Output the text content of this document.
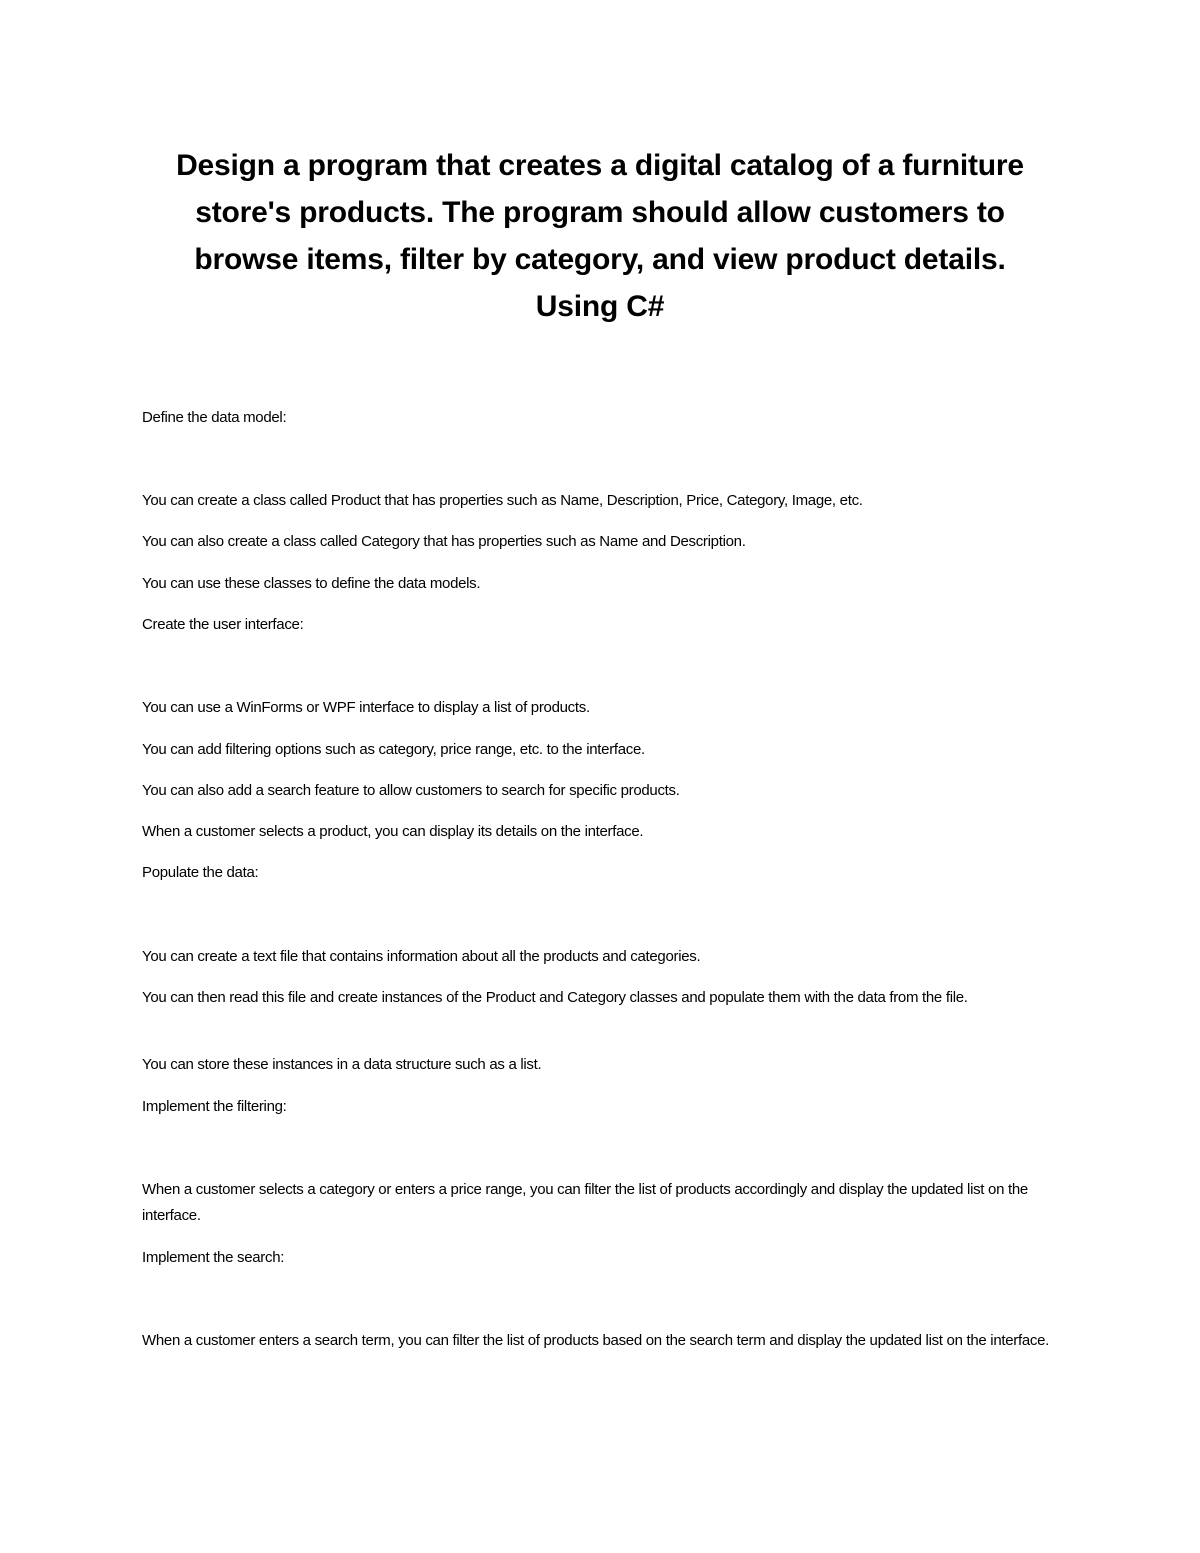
Design a program that creates a digital catalog of a furniture
store's products. The program should allow customers to
browse items, filter by category, and view product details.
Using C#

Define the data model:

You can create a class called Product that has properties such as Name, Description, Price, Category, Image, etc.

You can also create a class called Category that has properties such as Name and Description.

You can use these classes to define the data models.

Create the user interface:

You can use a WinForms or WPF interface to display a list of products.

You can add filtering options such as category, price range, etc. to the interface.

You can also add a search feature to allow customers to search for specific products.

When a customer selects a product, you can display its details on the interface.

Populate the data:

You can create a text file that contains information about all the products and categories.

You can then read this file and create instances of the Product and Category classes and populate them with the data from the file.

You can store these instances in a data structure such as a list.

Implement the filtering:

When a customer selects a category or enters a price range, you can filter the list of products accordingly and display the updated list on the interface.

Implement the search:

When a customer enters a search term, you can filter the list of products based on the search term and display the updated list on the interface.
